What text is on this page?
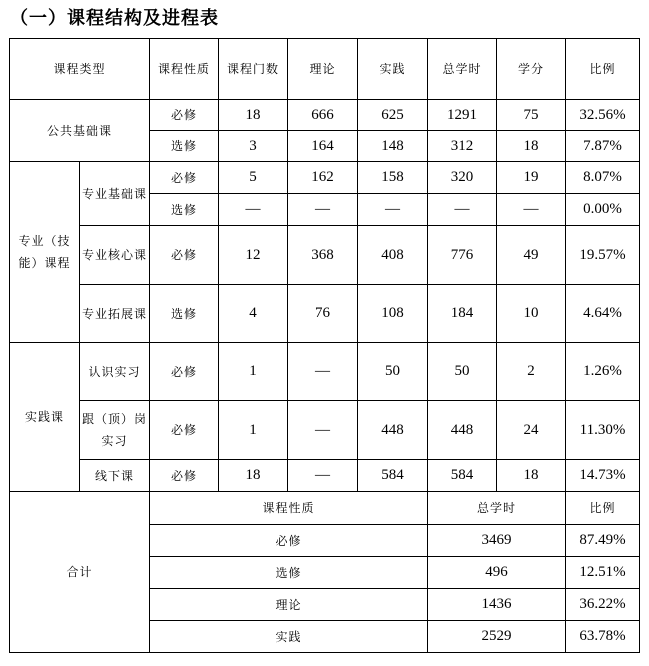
（一）课程结构及进程表
课程类型		课程性质	课程门数	理论	实践	总学时	学分	比例
公共基础课		必修	18	666	625	1291	75	32.56%
		选修	3	164	148	312	18	7.87%
专业（技能）课程	专业基础课	必修	5	162	158	320	19	8.07%
		选修	—	—	—	—	—	0.00%
	专业核心课	必修	12	368	408	776	49	19.57%
	专业拓展课	选修	4	76	108	184	10	4.64%
实践课	认识实习	必修	1	—	50	50	2	1.26%
	跟（顶）岗实习	必修	1	—	448	448	24	11.30%
	线下课	必修	18	—	584	584	18	14.73%
合计		课程性质				总学时		比例
		必修				3469		87.49%
		选修				496		12.51%
		理论				1436		36.22%
		实践				2529		63.78%
